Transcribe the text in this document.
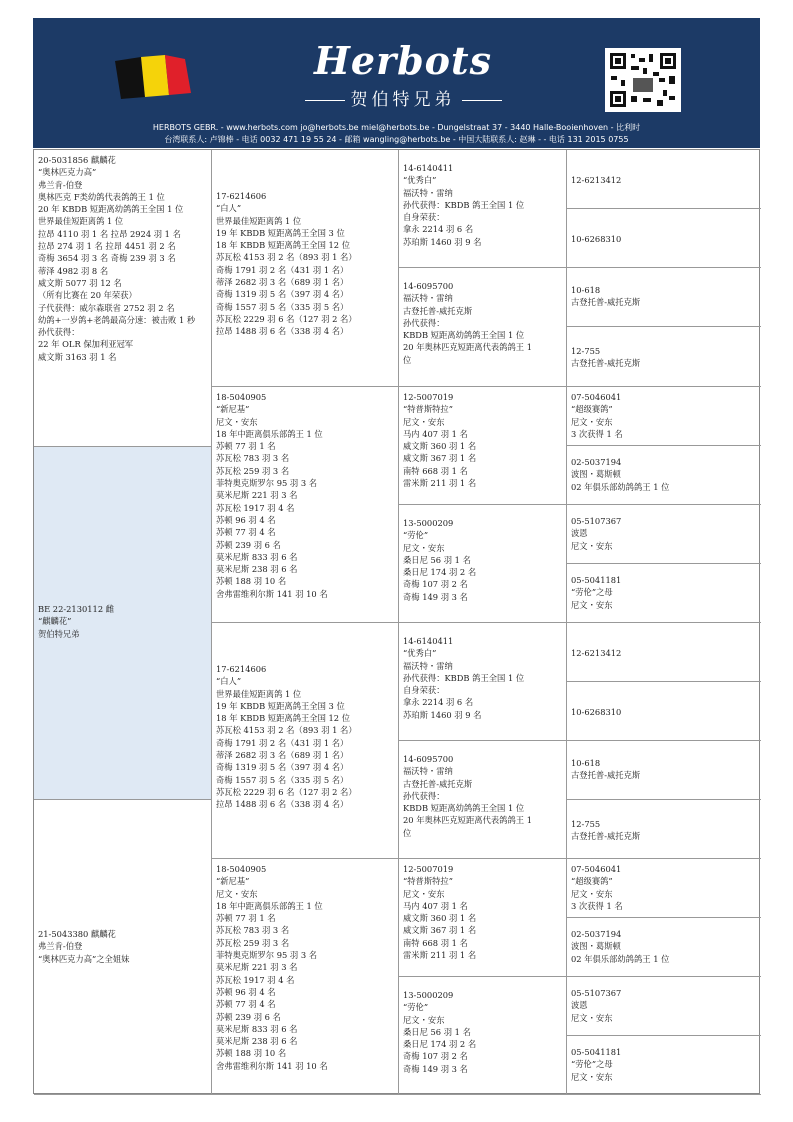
Herbots
贺伯特兄弟
HERBOTS GEBR. - www.herbots.com jo@herbots.be miel@herbots.be - Dungelstraat 37 - 3440 Halle-Booienhoven - 比利时
台湾联系人: 卢锦棒 - 电话 0032 471 19 55 24 - 邮箱 wangling@herbots.be - 中国大陆联系人: 赵琳 - - 电话 131 2015 0755
20-5031856 麒麟花
“奥林匹克力高”
弗兰肯-伯登
奥林匹克 F类幼鸽代表鸽鸽王 1 位
20 年 KBDB 短距离幼鸽鸽王全国 1 位
世界最佳短距离鸽 1 位
拉昂 4110 羽 1 名 拉昂 2924 羽 1 名
拉昂 274 羽 1 名 拉昂 4451 羽 2 名
奇梅 3654 羽 3 名 奇梅 239 羽 3 名
蒂泽 4982 羽 8 名
威文斯 5077 羽 12 名
（所有比赛在 20 年荣获）
子代获得：威尔森联省 2752 羽 2 名
幼鸽+一岁鸽+老鸽最高分速：被击败 1 秒
孙代获得：
22 年 OLR 保加利亚冠军
威文斯 3163 羽 1 名
BE 22-2130112 雌
“麒麟花”
贺伯特兄弟
21-5043380 麒麟花
弗兰肯-伯登
“奥林匹克力高”之全姐妹
17-6214606
“白人”
世界最佳短距离鸽 1 位
19 年 KBDB 短距离鸽王全国 3 位
18 年 KBDB 短距离鸽王全国 12 位
苏瓦松 4153 羽 2 名（893 羽 1 名）
奇梅 1791 羽 2 名（431 羽 1 名）
蒂泽 2682 羽 3 名（689 羽 1 名）
奇梅 1319 羽 5 名（397 羽 4 名）
奇梅 1557 羽 5 名（335 羽 5 名）
苏瓦松 2229 羽 6 名（127 羽 2 名）
拉昂 1488 羽 6 名（338 羽 4 名）
18-5040905
“新尼基”
尼文・安东
18 年中距离俱乐部鸽王 1 位
苏顿 77 羽 1 名
苏瓦松 783 羽 3 名
苏瓦松 259 羽 3 名
菲特奥克斯罗尔 95 羽 3 名
莫米尼斯 221 羽 3 名
苏瓦松 1917 羽 4 名
苏顿 96 羽 4 名
苏顿 77 羽 4 名
苏顿 239 羽 6 名
莫米尼斯 833 羽 6 名
莫米尼斯 238 羽 6 名
苏顿 188 羽 10 名
舍弗雷维利尔斯 141 羽 10 名
17-6214606
“白人”
世界最佳短距离鸽 1 位
19 年 KBDB 短距离鸽王全国 3 位
18 年 KBDB 短距离鸽王全国 12 位
苏瓦松 4153 羽 2 名（893 羽 1 名）
奇梅 1791 羽 2 名（431 羽 1 名）
蒂泽 2682 羽 3 名（689 羽 1 名）
奇梅 1319 羽 5 名（397 羽 4 名）
奇梅 1557 羽 5 名（335 羽 5 名）
苏瓦松 2229 羽 6 名（127 羽 2 名）
拉昂 1488 羽 6 名（338 羽 4 名）
18-5040905
“新尼基”
尼文・安东
18 年中距离俱乐部鸽王 1 位
苏顿 77 羽 1 名
苏瓦松 783 羽 3 名
苏瓦松 259 羽 3 名
菲特奥克斯罗尔 95 羽 3 名
莫米尼斯 221 羽 3 名
苏瓦松 1917 羽 4 名
苏顿 96 羽 4 名
苏顿 77 羽 4 名
苏顿 239 羽 6 名
莫米尼斯 833 羽 6 名
莫米尼斯 238 羽 6 名
苏顿 188 羽 10 名
舍弗雷维利尔斯 141 羽 10 名
14-6140411
“优秀白”
福沃特・雷纳
孙代获得：KBDB 鸽王全国 1 位
自身荣获：
拿永 2214 羽 6 名
苏珀斯 1460 羽 9 名
14-6095700
福沃特・雷纳
古登托普-威托克斯
孙代获得：
KBDB 短距离幼鸽鸽王全国 1 位
20 年奥林匹克短距离代表鸽鸽王 1
位
12-5007019
“特普斯特拉”
尼文・安东
马内 407 羽 1 名
威文斯 360 羽 1 名
威文斯 367 羽 1 名
南特 668 羽 1 名
雷米斯 211 羽 1 名
13-5000209
“劳伦”
尼文・安东
桑日尼 56 羽 1 名
桑日尼 174 羽 2 名
奇梅 107 羽 2 名
奇梅 149 羽 3 名
14-6140411
“优秀白”
福沃特・雷纳
孙代获得：KBDB 鸽王全国 1 位
自身荣获：
拿永 2214 羽 6 名
苏珀斯 1460 羽 9 名
14-6095700
福沃特・雷纳
古登托普-威托克斯
孙代获得：
KBDB 短距离幼鸽鸽王全国 1 位
20 年奥林匹克短距离代表鸽鸽王 1
位
12-5007019
“特普斯特拉”
尼文・安东
马内 407 羽 1 名
威文斯 360 羽 1 名
威文斯 367 羽 1 名
南特 668 羽 1 名
雷米斯 211 羽 1 名
13-5000209
“劳伦”
尼文・安东
桑日尼 56 羽 1 名
桑日尼 174 羽 2 名
奇梅 107 羽 2 名
奇梅 149 羽 3 名
12-6213412
10-6268310
10-618
古登托普-威托克斯
12-755
古登托普-威托克斯
07-5046041
“超级赛鸽”
尼文・安东
3 次获得 1 名
02-5037194
波图・葛斯顿
02 年俱乐部幼鸽鸽王 1 位
05-5107367
波恩
尼文・安东
05-5041181
“劳伦”之母
尼文・安东
12-6213412
10-6268310
10-618
古登托普-威托克斯
12-755
古登托普-威托克斯
07-5046041
“超级赛鸽”
尼文・安东
3 次获得 1 名
02-5037194
波图・葛斯顿
02 年俱乐部幼鸽鸽王 1 位
05-5107367
波恩
尼文・安东
05-5041181
“劳伦”之母
尼文・安东
